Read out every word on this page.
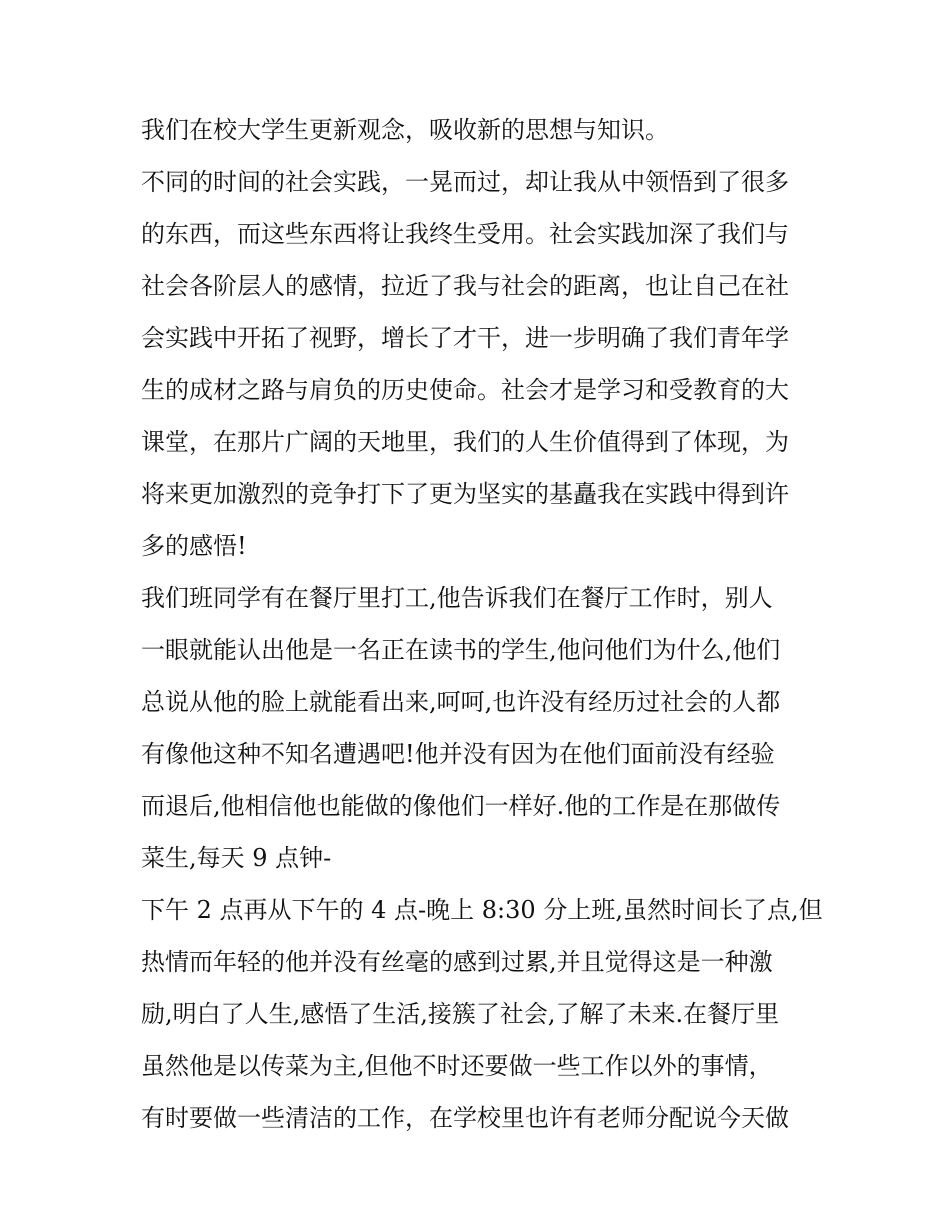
我们在校大学生更新观念，吸收新的思想与知识。
不同的时间的社会实践，一晃而过，却让我从中领悟到了很多
的东西，而这些东西将让我终生受用。社会实践加深了我们与
社会各阶层人的感情，拉近了我与社会的距离，也让自己在社
会实践中开拓了视野，增长了才干，进一步明确了我们青年学
生的成材之路与肩负的历史使命。社会才是学习和受教育的大
课堂，在那片广阔的天地里，我们的人生价值得到了体现，为
将来更加激烈的竞争打下了更为坚实的基矗我在实践中得到许
多的感悟!
我们班同学有在餐厅里打工,他告诉我们在餐厅工作时，别人
一眼就能认出他是一名正在读书的学生,他问他们为什么,他们
总说从他的脸上就能看出来,呵呵,也许没有经历过社会的人都
有像他这种不知名遭遇吧!他并没有因为在他们面前没有经验
而退后,他相信他也能做的像他们一样好.他的工作是在那做传
菜生,每天 9 点钟-
下午 2 点再从下午的 4 点-晚上 8:30 分上班,虽然时间长了点,但
热情而年轻的他并没有丝毫的感到过累,并且觉得这是一种激
励,明白了人生,感悟了生活,接簇了社会,了解了未来.在餐厅里
虽然他是以传菜为主,但他不时还要做一些工作以外的事情，
有时要做一些清洁的工作，在学校里也许有老师分配说今天做
